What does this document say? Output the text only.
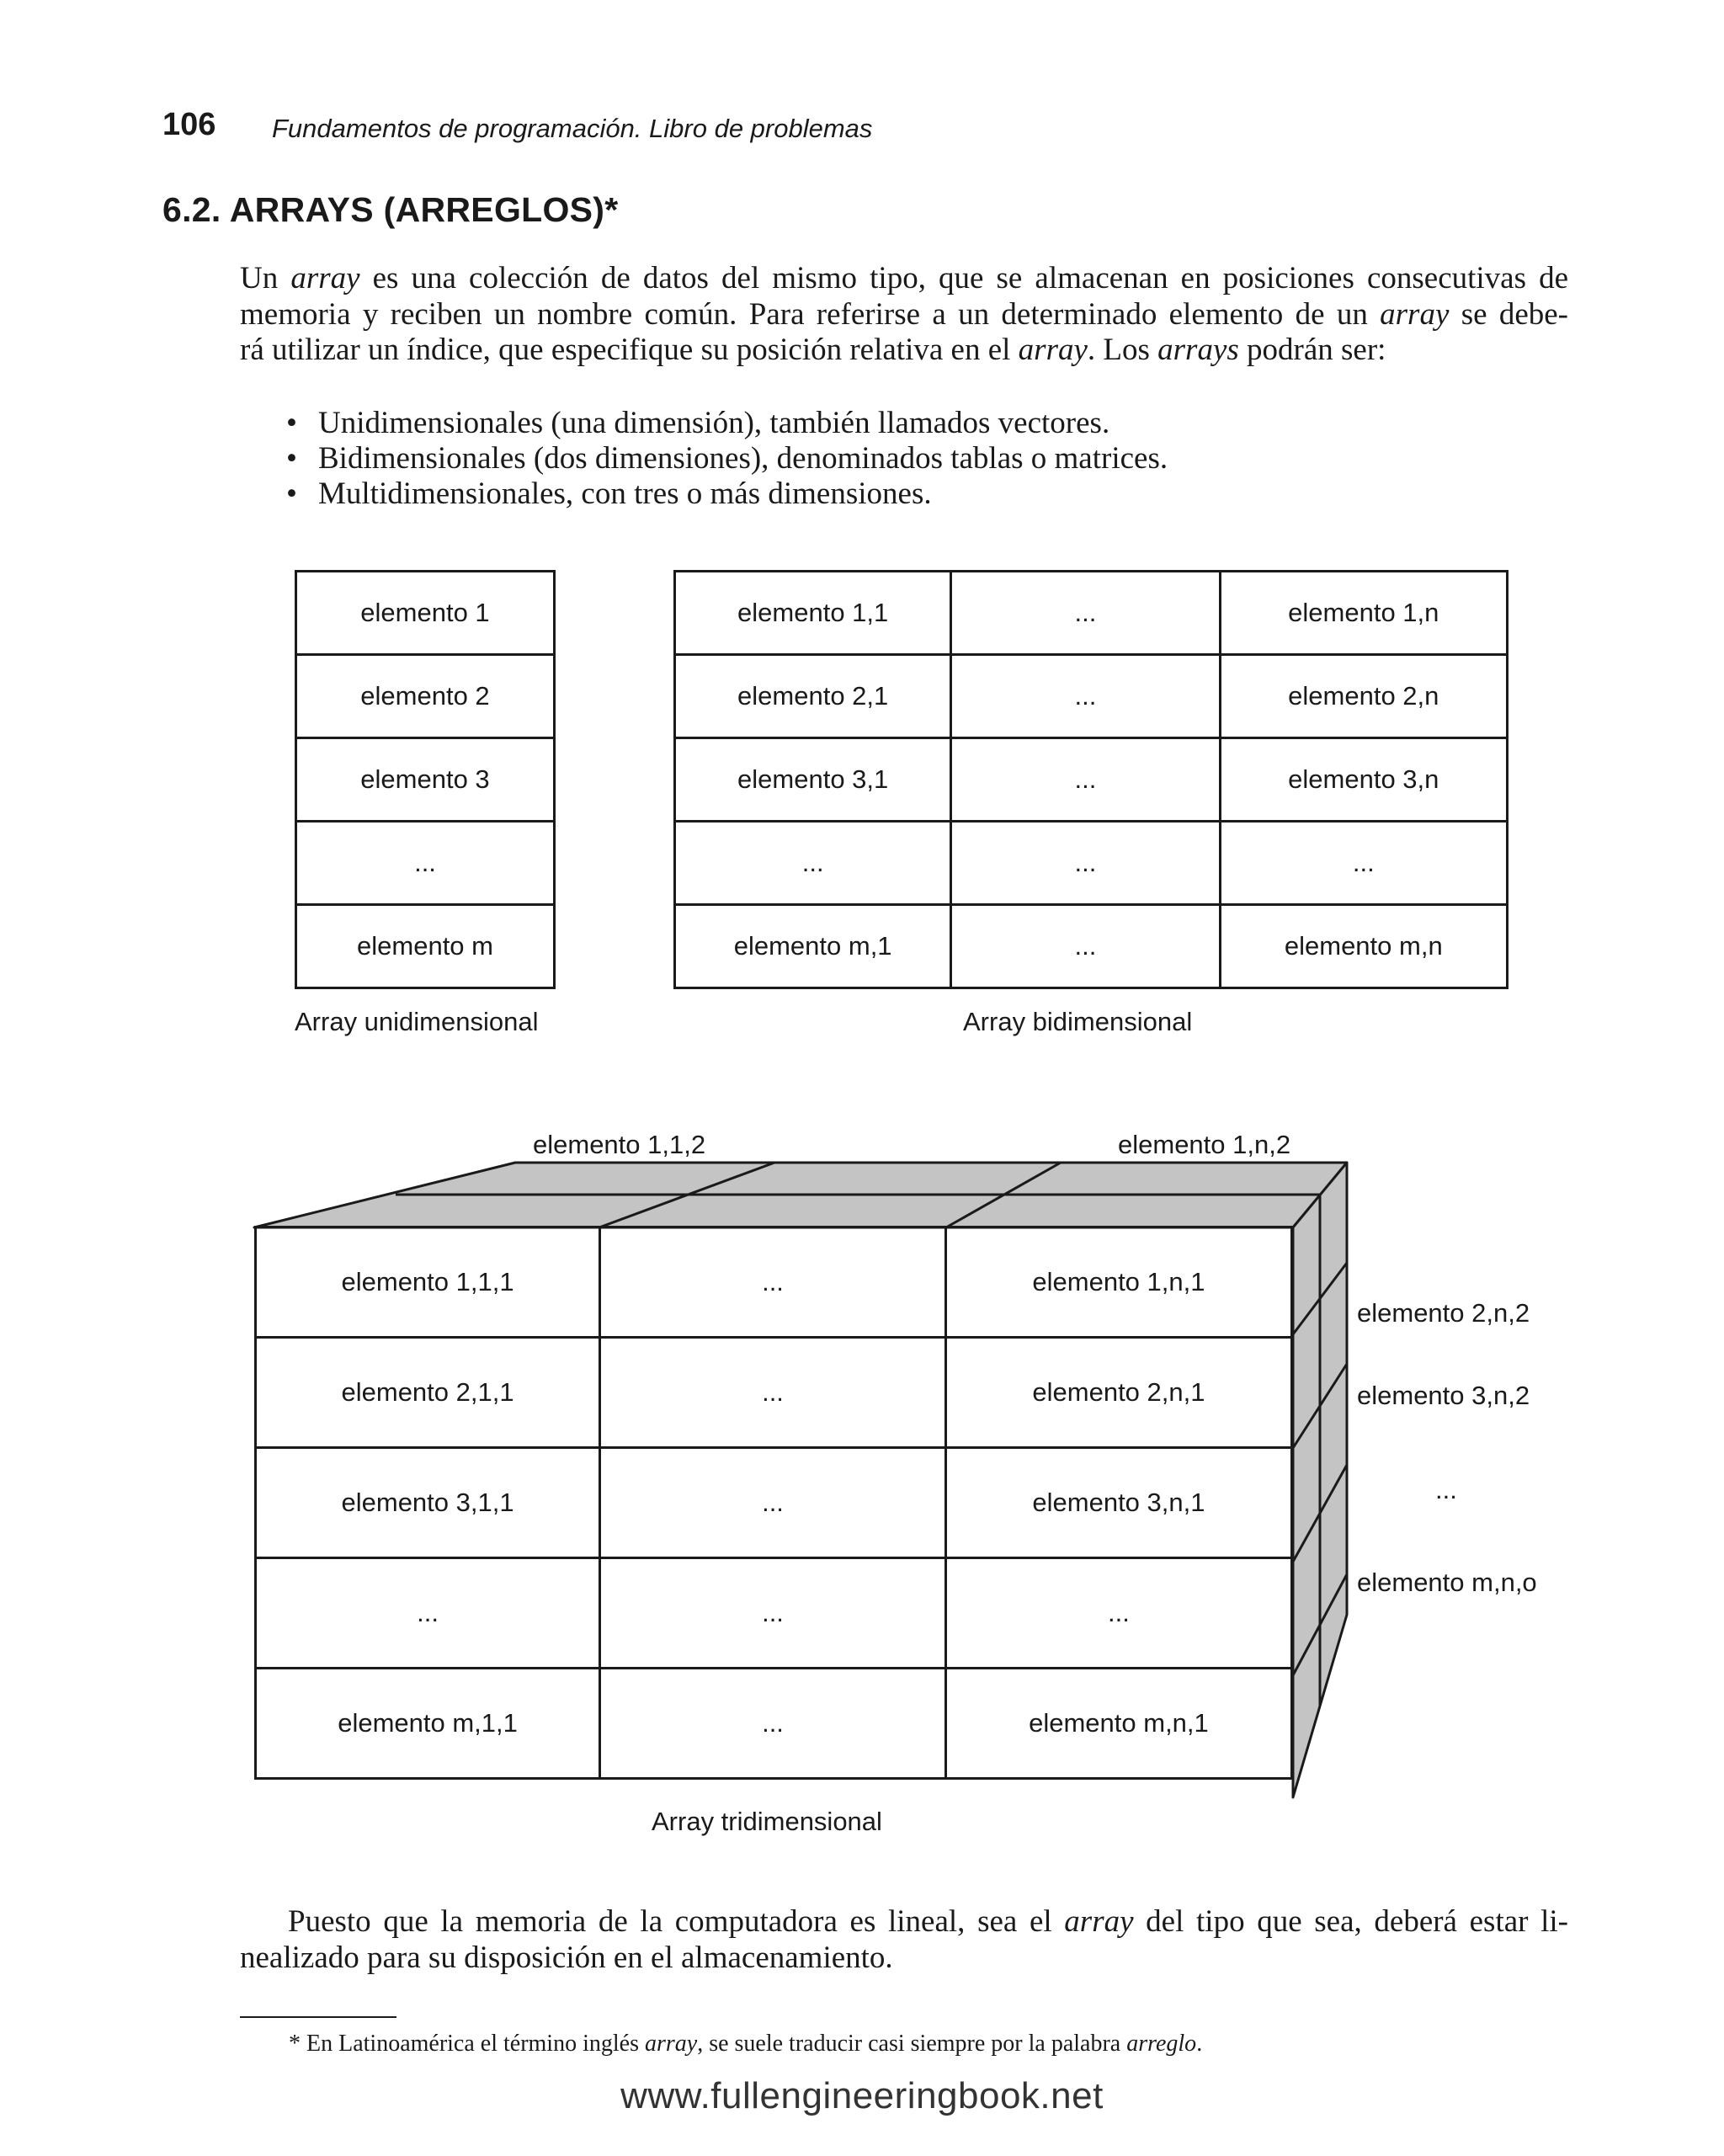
106 Fundamentos de programación. Libro de problemas
6.2. ARRAYS (ARREGLOS)*
Un array es una colección de datos del mismo tipo, que se almacenan en posiciones consecutivas de
memoria y reciben un nombre común. Para referirse a un determinado elemento de un array se debe-
rá utilizar un índice, que especifique su posición relativa en el array. Los arrays podrán ser:
• Unidimensionales (una dimensión), también llamados vectores.
• Bidimensionales (dos dimensiones), denominados tablas o matrices.
• Multidimensionales, con tres o más dimensiones.
elemento 1
elemento 2
elemento 3
...
elemento m
Array unidimensional
elemento 1,1	...	elemento 1,n
elemento 2,1	...	elemento 2,n
elemento 3,1	...	elemento 3,n
...	...	...
elemento m,1	...	elemento m,n
Array bidimensional
elemento 1,1,1	...	elemento 1,n,1
elemento 2,1,1	...	elemento 2,n,1
elemento 3,1,1	...	elemento 3,n,1
...	...	...
elemento m,1,1	...	elemento m,n,1
elemento 1,1,2	elemento 1,n,2
elemento 2,n,2
elemento 3,n,2
...
elemento m,n,o
Array tridimensional
Puesto que la memoria de la computadora es lineal, sea el array del tipo que sea, deberá estar li-
nealizado para su disposición en el almacenamiento.
* En Latinoamérica el término inglés array, se suele traducir casi siempre por la palabra arreglo.
www.fullengineeringbook.net
